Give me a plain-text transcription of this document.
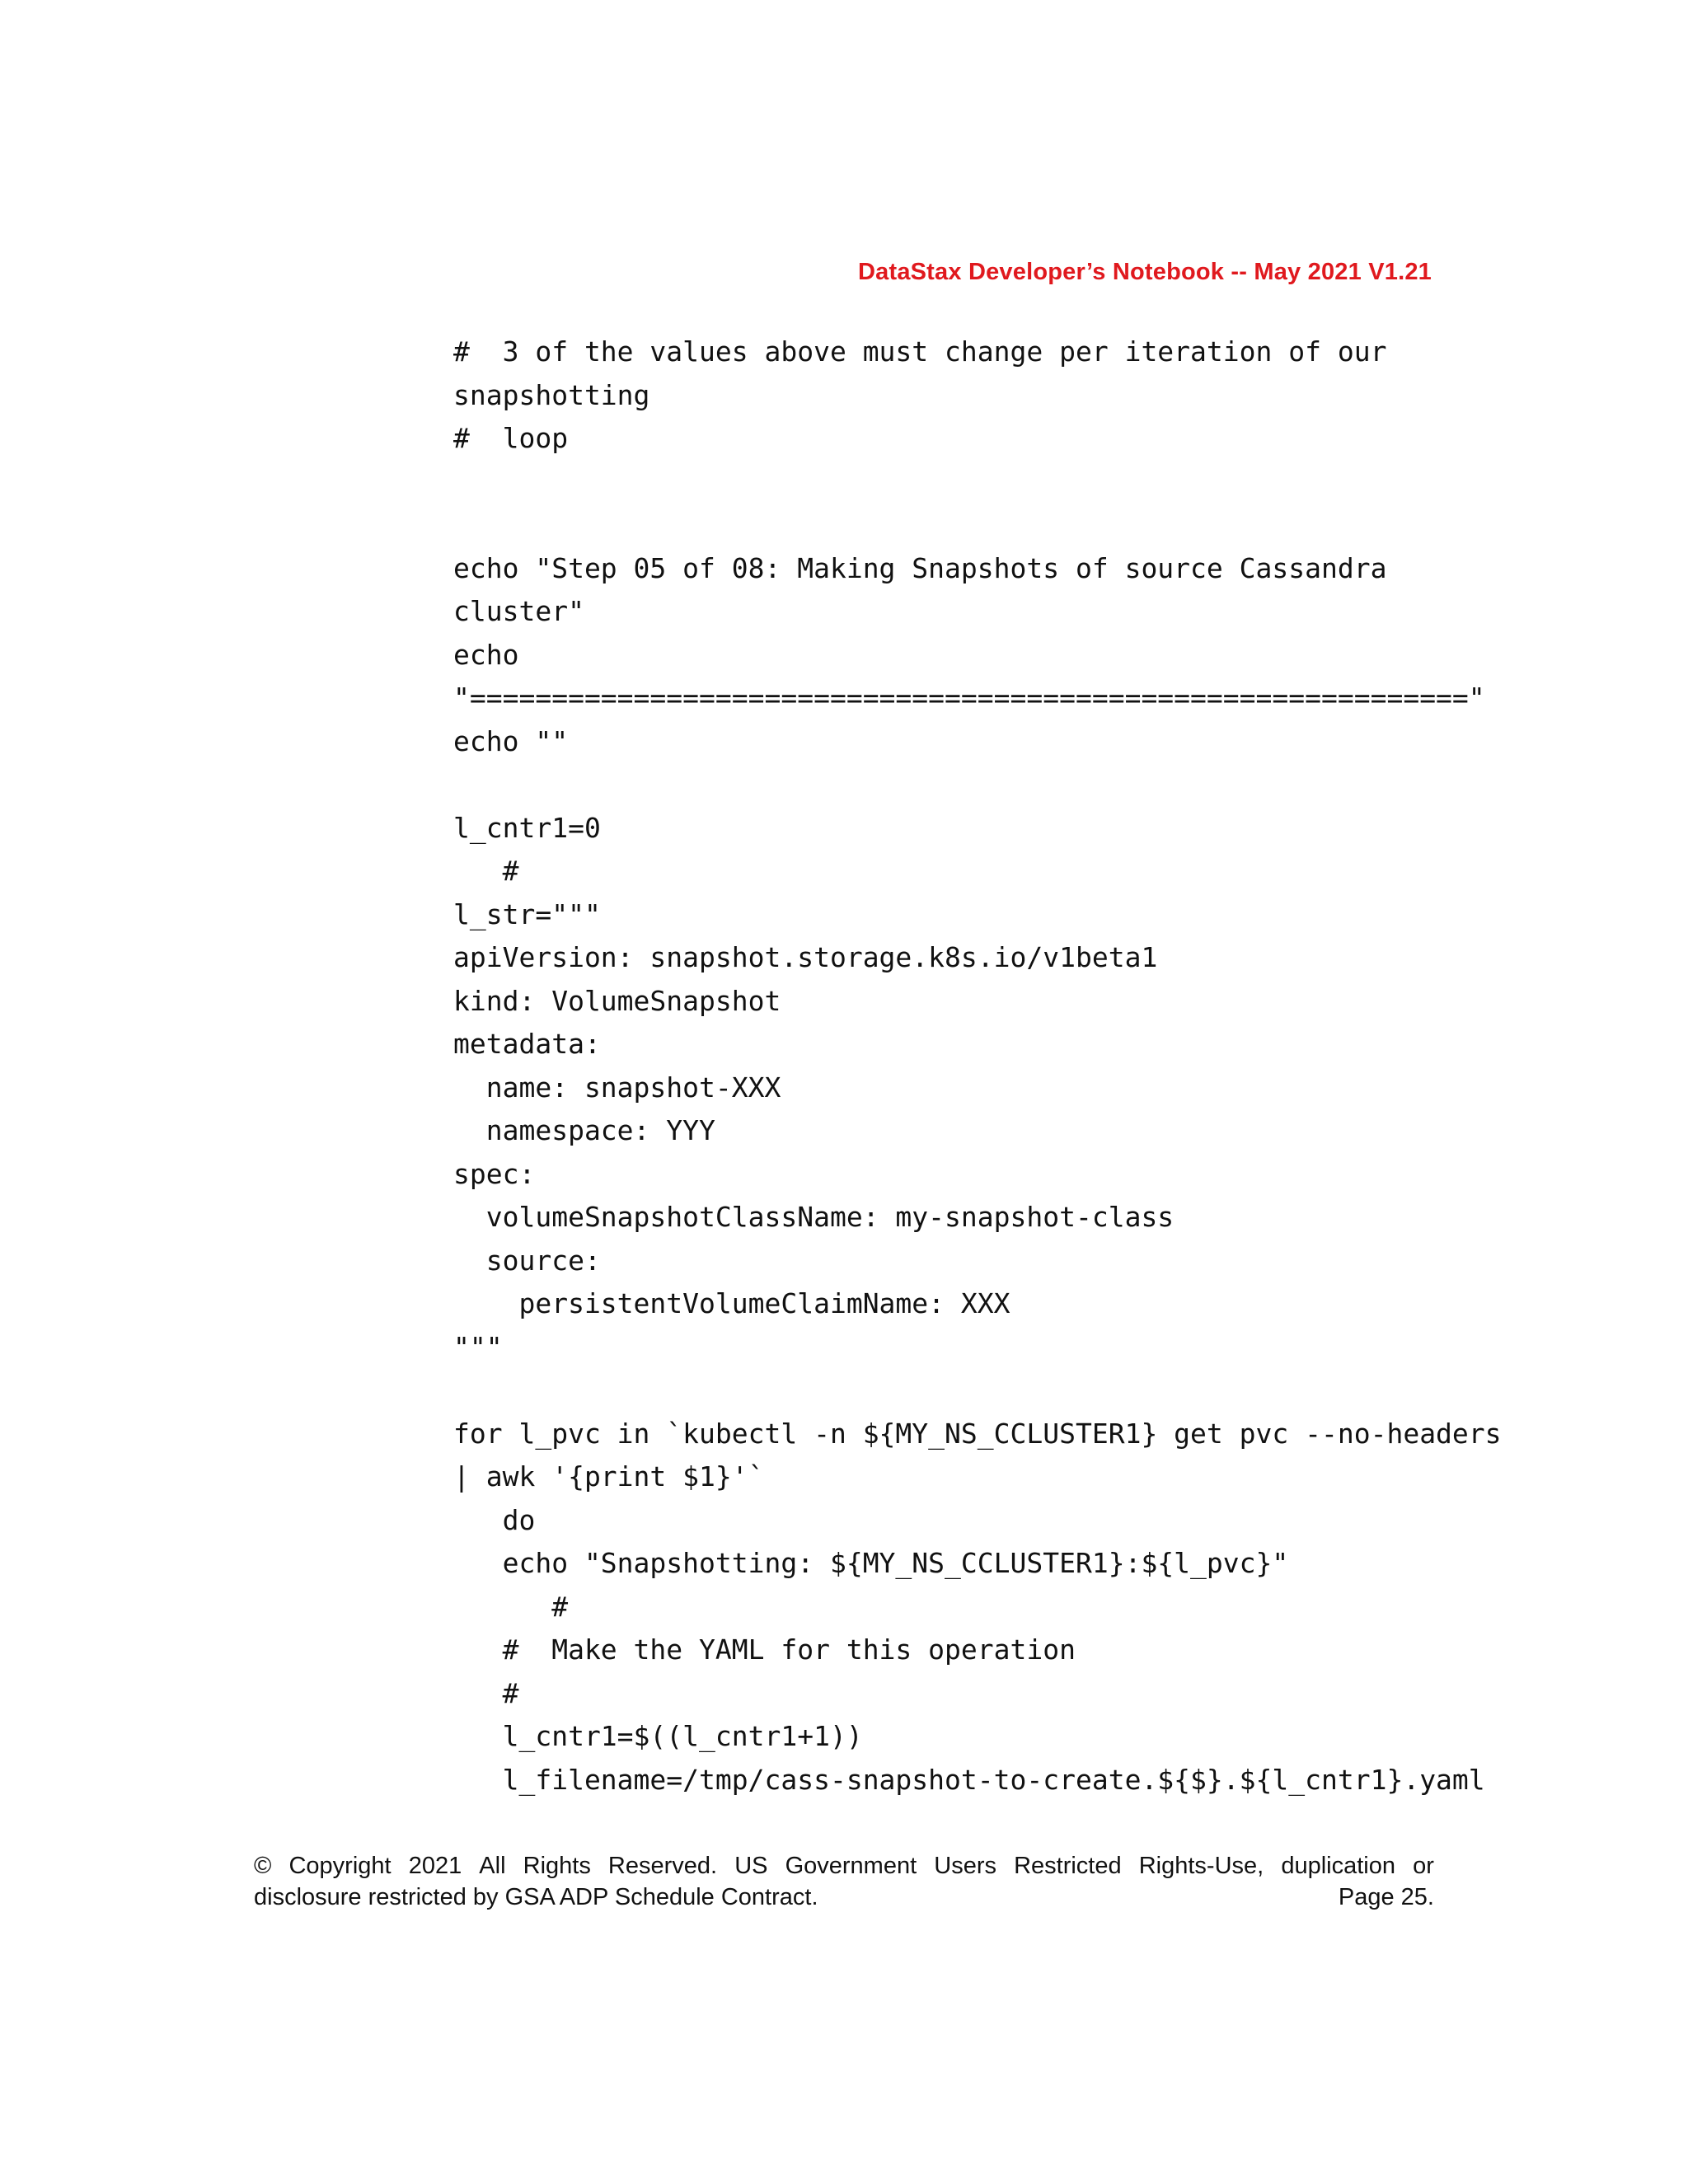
DataStax Developer’s Notebook -- May 2021 V1.21
#  3 of the values above must change per iteration of our
snapshotting
#  loop
echo "Step 05 of 08: Making Snapshots of source Cassandra
cluster"
echo
"============================================================="
echo ""
l_cntr1=0
#
l_str="""
apiVersion: snapshot.storage.k8s.io/v1beta1
kind: VolumeSnapshot
metadata:
name: snapshot-XXX
namespace: YYY
spec:
volumeSnapshotClassName: my-snapshot-class
source:
persistentVolumeClaimName: XXX
"""
for l_pvc in `kubectl -n ${MY_NS_CCLUSTER1} get pvc --no-headers
| awk '{print $1}'`
do
echo "Snapshotting: ${MY_NS_CCLUSTER1}:${l_pvc}"
#
#  Make the YAML for this operation
#
l_cntr1=$((l_cntr1+1))
l_filename=/tmp/cass-snapshot-to-create.${$}.${l_cntr1}.yaml
© Copyright 2021 All Rights Reserved. US Government Users Restricted Rights-Use, duplication or
disclosure restricted by GSA ADP Schedule Contract.	Page 25.
